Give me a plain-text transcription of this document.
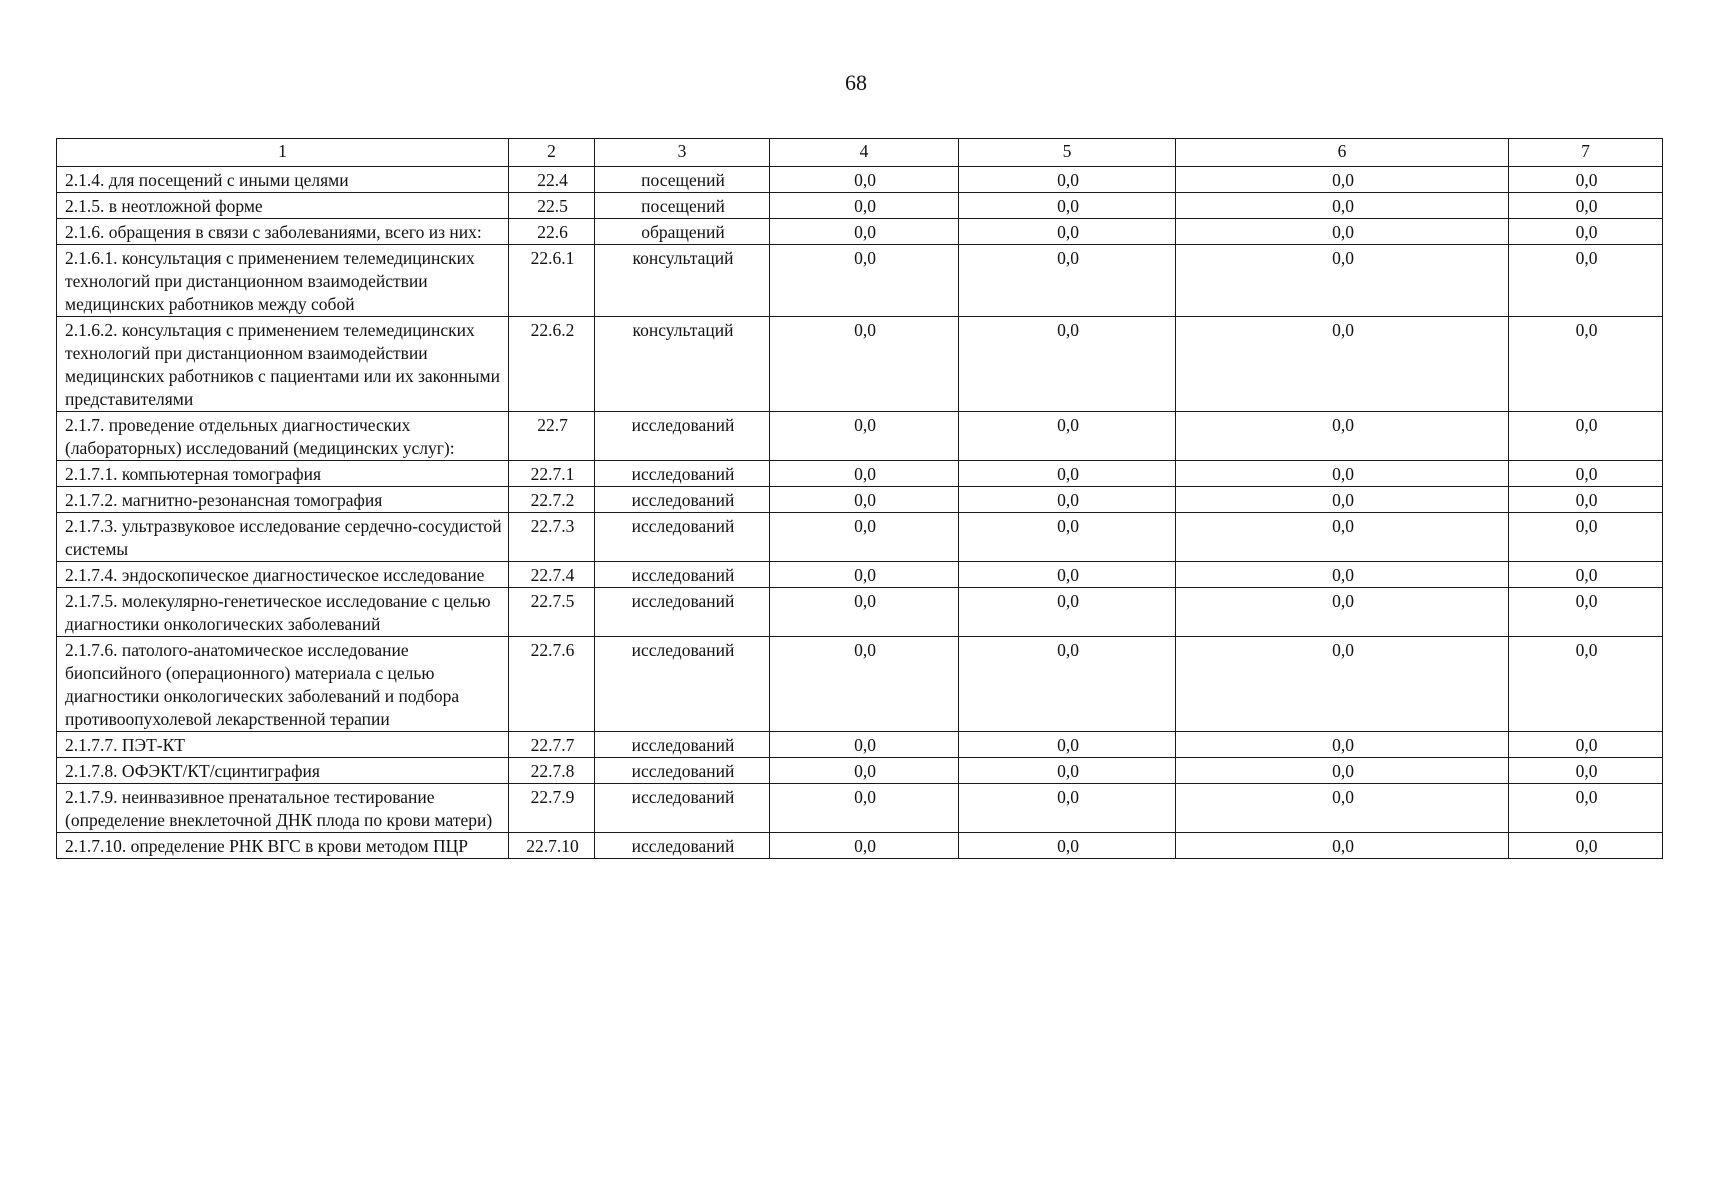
68
1	2	3	4	5	6	7
2.1.4. для посещений с иными целями	22.4	посещений	0,0	0,0	0,0	0,0
2.1.5. в неотложной форме	22.5	посещений	0,0	0,0	0,0	0,0
2.1.6. обращения в связи с заболеваниями, всего из них:	22.6	обращений	0,0	0,0	0,0	0,0
2.1.6.1. консультация с применением телемедицинских технологий при дистанционном взаимодействии медицинских работников между собой	22.6.1	консультаций	0,0	0,0	0,0	0,0
2.1.6.2. консультация с применением телемедицинских технологий при дистанционном взаимодействии медицинских работников с пациентами или их законными представителями	22.6.2	консультаций	0,0	0,0	0,0	0,0
2.1.7. проведение отдельных диагностических (лабораторных) исследований (медицинских услуг):	22.7	исследований	0,0	0,0	0,0	0,0
2.1.7.1. компьютерная томография	22.7.1	исследований	0,0	0,0	0,0	0,0
2.1.7.2. магнитно-резонансная томография	22.7.2	исследований	0,0	0,0	0,0	0,0
2.1.7.3. ультразвуковое исследование сердечно-сосудистой системы	22.7.3	исследований	0,0	0,0	0,0	0,0
2.1.7.4. эндоскопическое диагностическое исследование	22.7.4	исследований	0,0	0,0	0,0	0,0
2.1.7.5. молекулярно-генетическое исследование с целью диагностики онкологических заболеваний	22.7.5	исследований	0,0	0,0	0,0	0,0
2.1.7.6. патолого-анатомическое исследование биопсийного (операционного) материала с целью диагностики онкологических заболеваний и подбора противоопухолевой лекарственной терапии	22.7.6	исследований	0,0	0,0	0,0	0,0
2.1.7.7. ПЭТ-КТ	22.7.7	исследований	0,0	0,0	0,0	0,0
2.1.7.8. ОФЭКТ/КТ/сцинтиграфия	22.7.8	исследований	0,0	0,0	0,0	0,0
2.1.7.9. неинвазивное пренатальное тестирование (определение внеклеточной ДНК плода по крови матери)	22.7.9	исследований	0,0	0,0	0,0	0,0
2.1.7.10. определение РНК ВГС в крови методом ПЦР	22.7.10	исследований	0,0	0,0	0,0	0,0
